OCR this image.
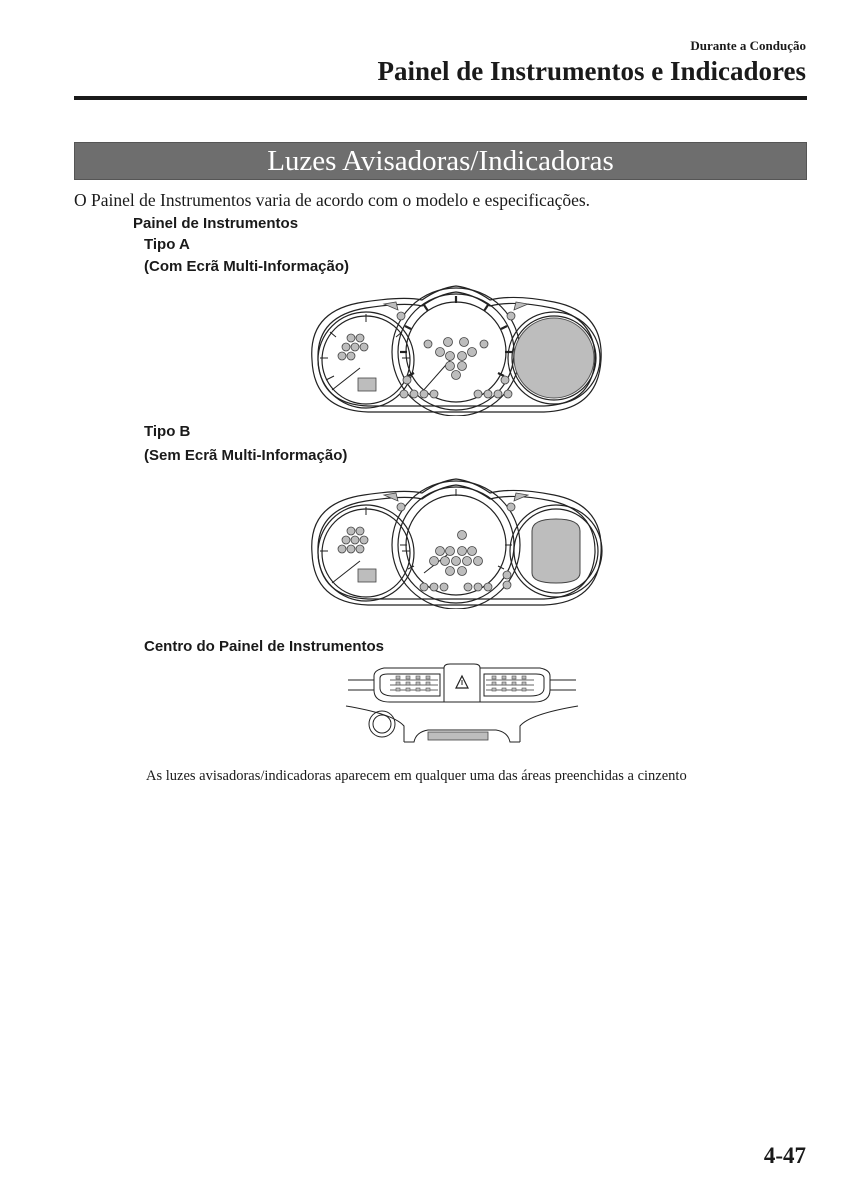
Durante a Condução
Painel de Instrumentos e Indicadores
Luzes Avisadoras/Indicadoras
O Painel de Instrumentos varia de acordo com o modelo e especificações.
Painel de Instrumentos
Tipo A
(Com Ecrã Multi-Informação)
Tipo B
(Sem Ecrã Multi-Informação)
Centro do Painel de Instrumentos
As luzes avisadoras/indicadoras aparecem em qualquer uma das áreas preenchidas a cinzento
4-47
